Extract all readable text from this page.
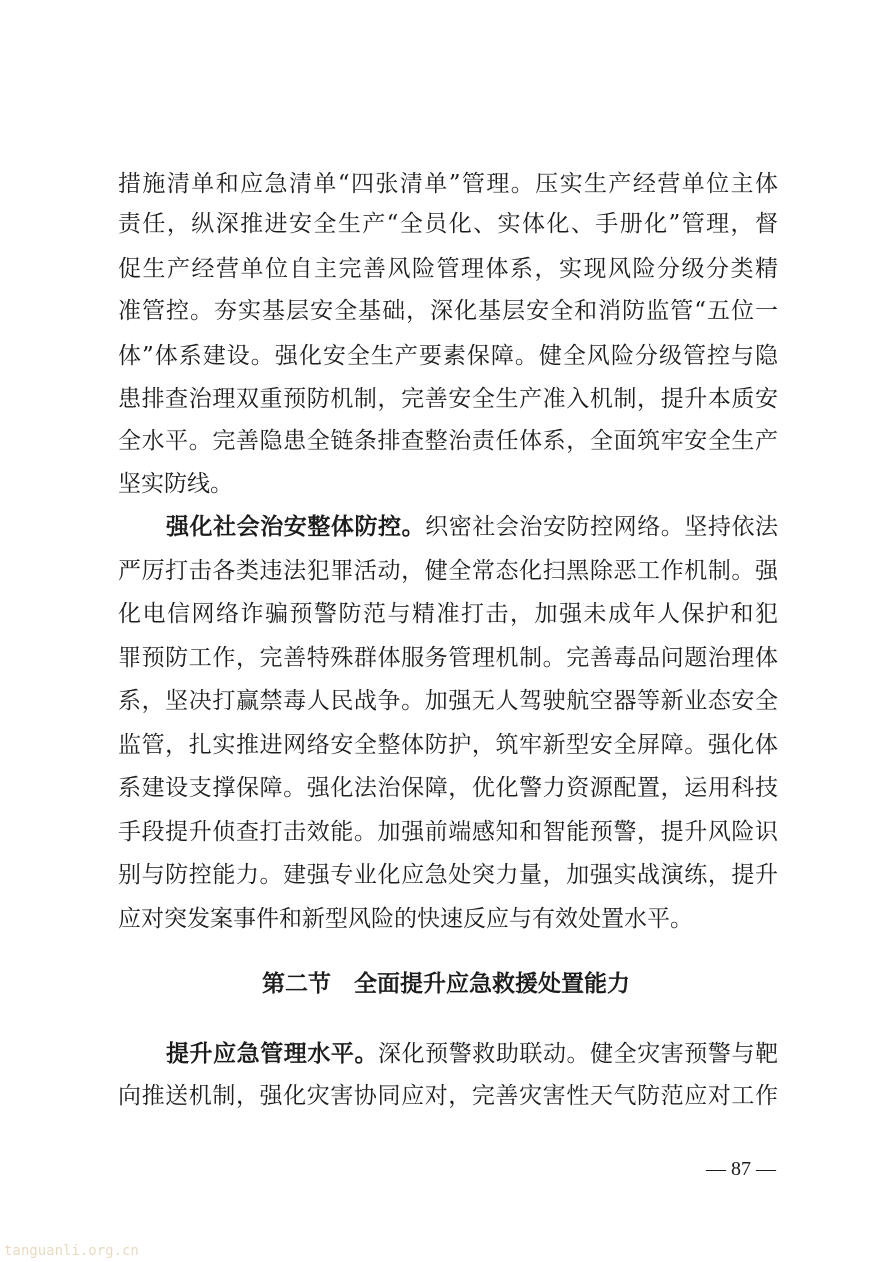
措施清单和应急清单“四张清单”管理。压实生产经营单位主体
责任，纵深推进安全生产“全员化、实体化、手册化”管理，督
促生产经营单位自主完善风险管理体系，实现风险分级分类精
准管控。夯实基层安全基础，深化基层安全和消防监管“五位一
体”体系建设。强化安全生产要素保障。健全风险分级管控与隐
患排查治理双重预防机制，完善安全生产准入机制，提升本质安
全水平。完善隐患全链条排查整治责任体系，全面筑牢安全生产
坚实防线。
强化社会治安整体防控。织密社会治安防控网络。坚持依法
严厉打击各类违法犯罪活动，健全常态化扫黑除恶工作机制。强
化电信网络诈骗预警防范与精准打击，加强未成年人保护和犯
罪预防工作，完善特殊群体服务管理机制。完善毒品问题治理体
系，坚决打赢禁毒人民战争。加强无人驾驶航空器等新业态安全
监管，扎实推进网络安全整体防护，筑牢新型安全屏障。强化体
系建设支撑保障。强化法治保障，优化警力资源配置，运用科技
手段提升侦查打击效能。加强前端感知和智能预警，提升风险识
别与防控能力。建强专业化应急处突力量，加强实战演练，提升
应对突发案事件和新型风险的快速反应与有效处置水平。
第二节　全面提升应急救援处置能力
提升应急管理水平。深化预警救助联动。健全灾害预警与靶
向推送机制，强化灾害协同应对，完善灾害性天气防范应对工作
— 87 —
tanguanli.org.cn
